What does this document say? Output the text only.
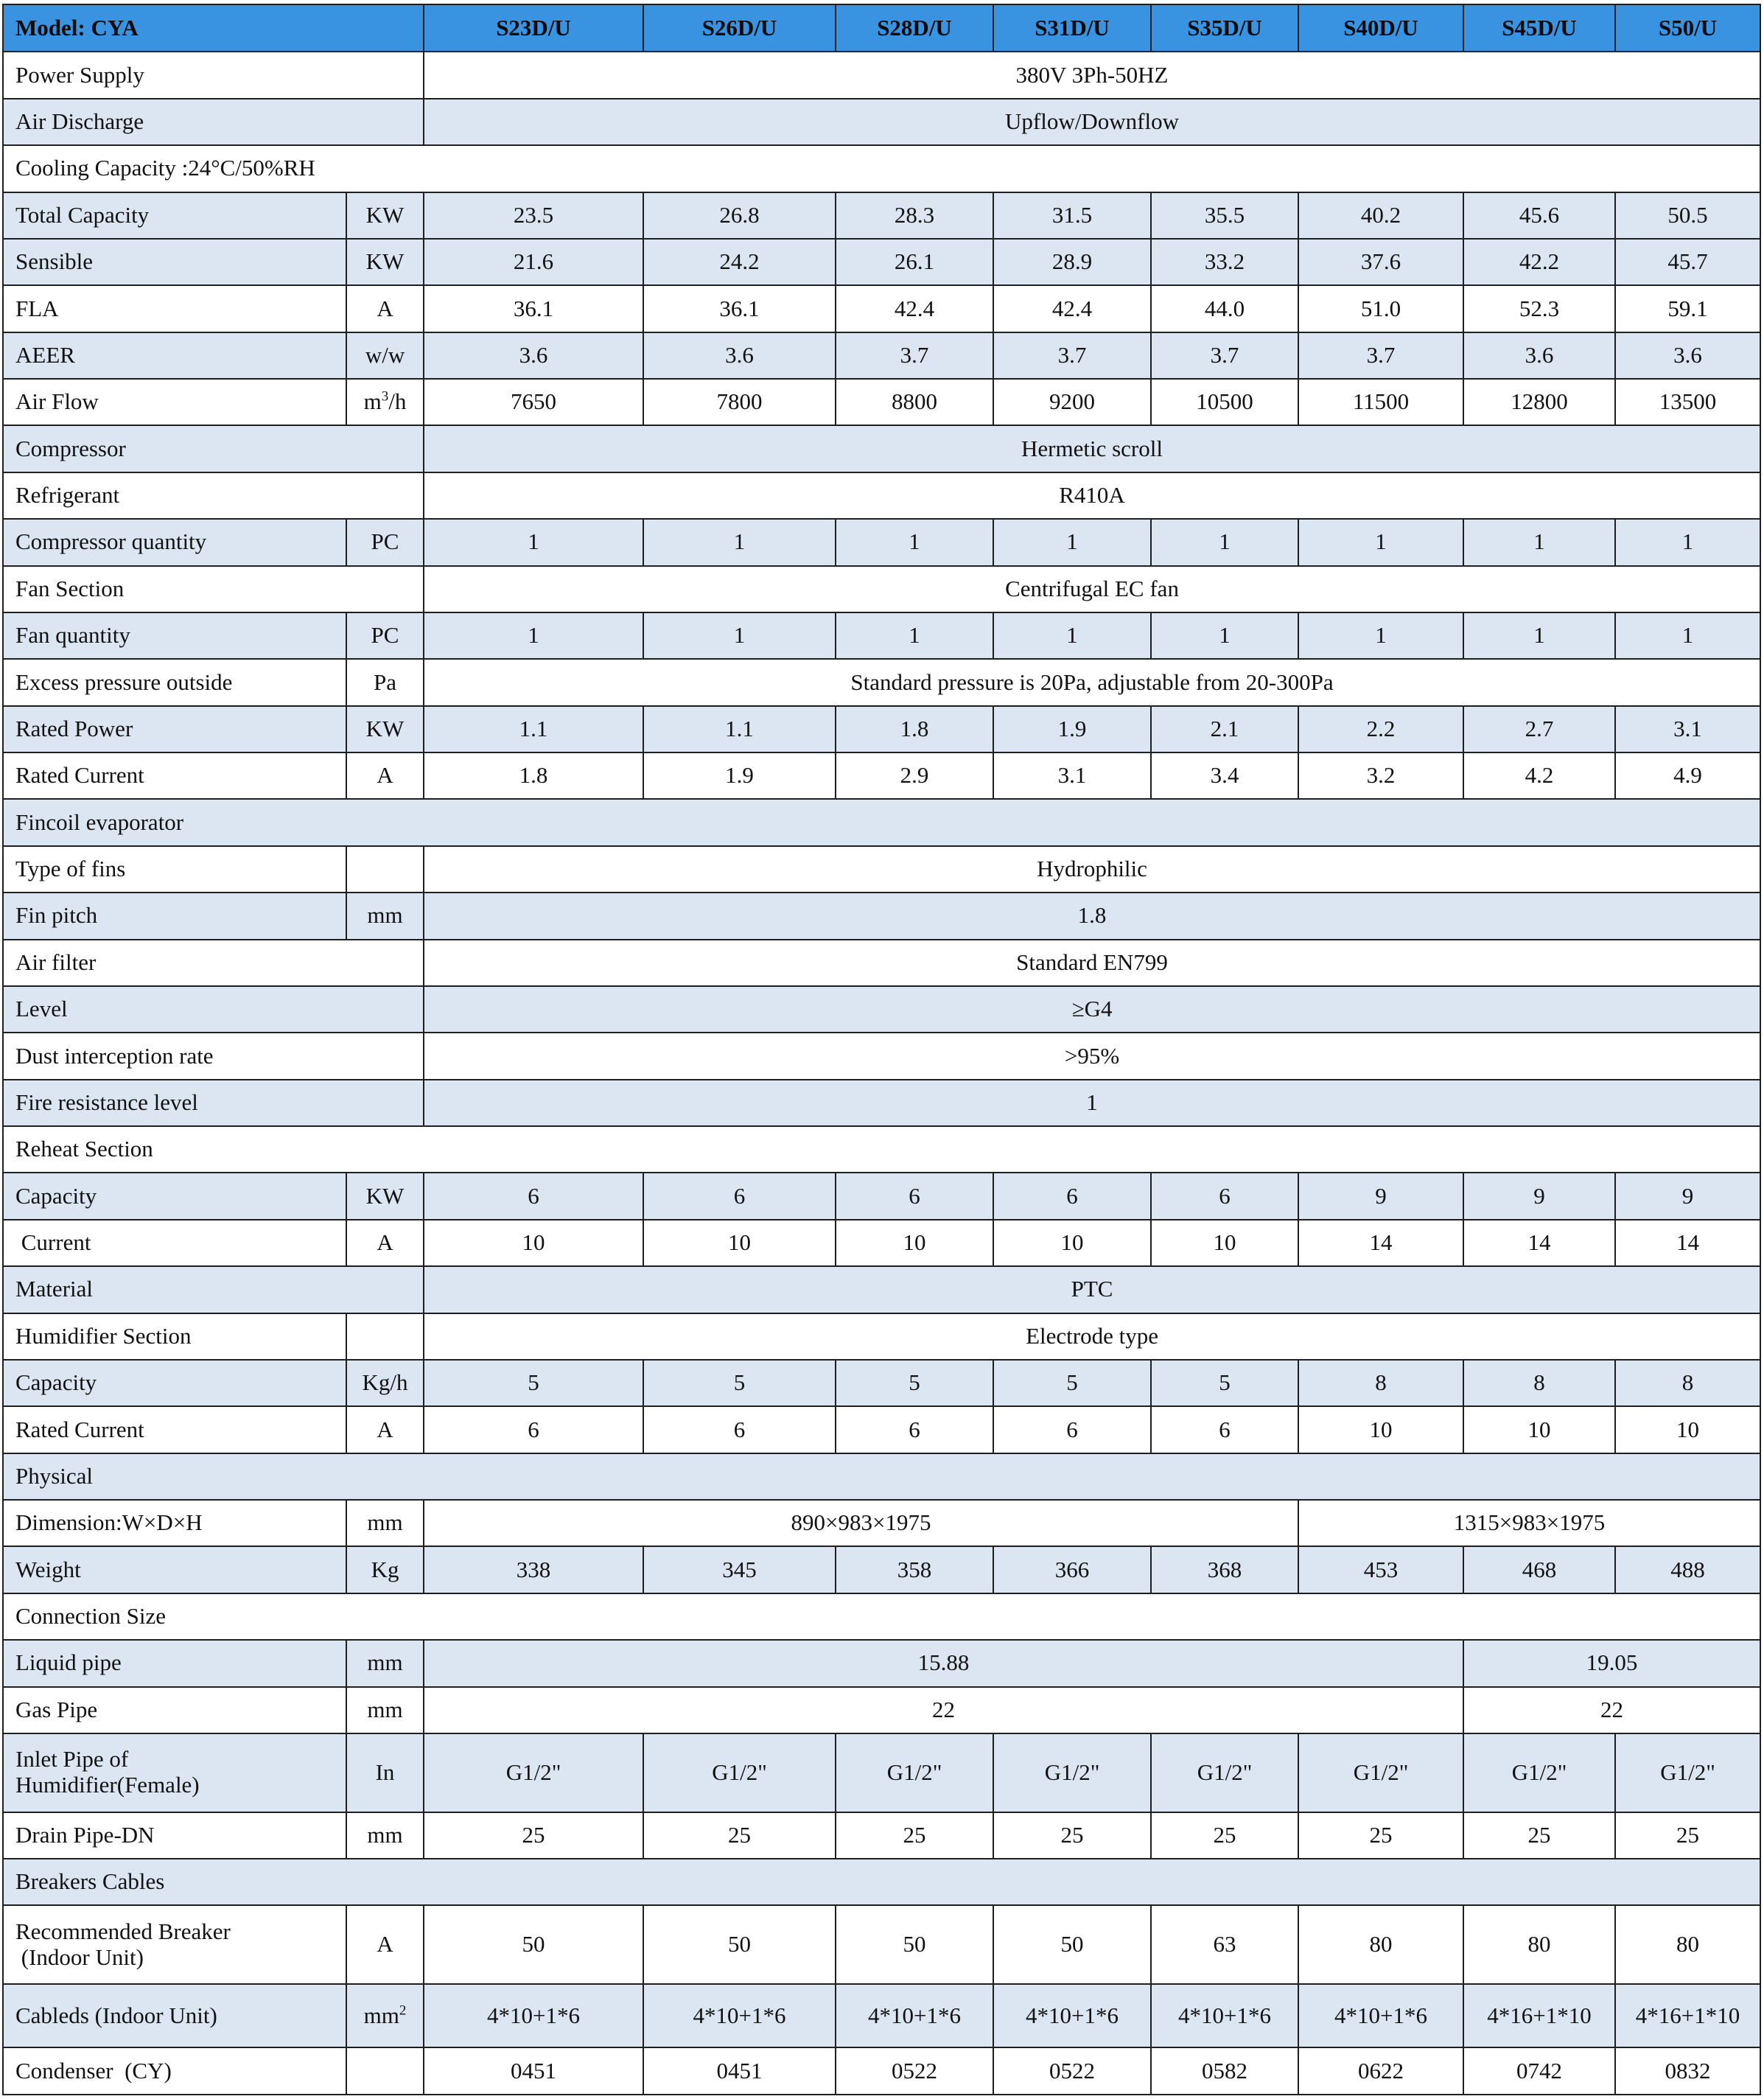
Model: CYA		S23D/U	S26D/U	S28D/U	S31D/U	S35D/U	S40D/U	S45D/U	S50/U
Power Supply		380V 3Ph-50HZ							
Air Discharge		Upflow/Downflow							
Cooling Capacity :24°C/50%RH									
Total Capacity	KW	23.5	26.8	28.3	31.5	35.5	40.2	45.6	50.5
Sensible	KW	21.6	24.2	26.1	28.9	33.2	37.6	42.2	45.7
FLA	A	36.1	36.1	42.4	42.4	44.0	51.0	52.3	59.1
AEER	w/w	3.6	3.6	3.7	3.7	3.7	3.7	3.6	3.6
Air Flow	$m^3/h$	7650	7800	8800	9200	10500	11500	12800	13500
Compressor		Hermetic scroll							
Refrigerant		R410A							
Compressor quantity	PC	1	1	1	1	1	1	1	1
Fan Section		Centrifugal EC fan							
Fan quantity	PC	1	1	1	1	1	1	1	1
Excess pressure outside	Pa	Standard pressure is 20Pa, adjustable from 20-300Pa							
Rated Power	KW	1.1	1.1	1.8	1.9	2.1	2.2	2.7	3.1
Rated Current	A	1.8	1.9	2.9	3.1	3.4	3.2	4.2	4.9
Fincoil evaporator									
Type of fins		Hydrophilic							
Fin pitch	mm	1.8							
Air filter		Standard EN799							
Level		≥G4							
Dust interception rate		>95%							
Fire resistance level		1							
Reheat Section									
Capacity	KW	6	6	6	6	6	9	9	9
Current	A	10	10	10	10	10	14	14	14
Material		PTC							
Humidifier Section		Electrode type							
Capacity	Kg/h	5	5	5	5	5	8	8	8
Rated Current	A	6	6	6	6	6	10	10	10
Physical									
Dimension:W×D×H	mm	890×983×1975					1315×983×1975		
Weight	Kg	338	345	358	366	368	453	468	488
Connection Size									
Liquid pipe	mm	15.88						19.05	
Gas Pipe	mm	22						22	

Inlet Pipe of
Humidifier(Female)	In	G1/2"	G1/2"	G1/2"	G1/2"	G1/2"	G1/2"	G1/2"	G1/2"
Drain Pipe-DN	mm	25	25	25	25	25	25	25	25
Breakers Cables									

Recommended Breaker
(Indoor Unit)	A	50	50	50	50	63	80	80	80
Cableds (Indoor Unit)	$mm^2$	4*10+1*6	4*10+1*6	4*10+1*6	4*10+1*6	4*10+1*6	4*10+1*6	4*16+1*10	4*16+1*10
Condenser  (CY)		0451	0451	0522	0522	0582	0622	0742	0832
